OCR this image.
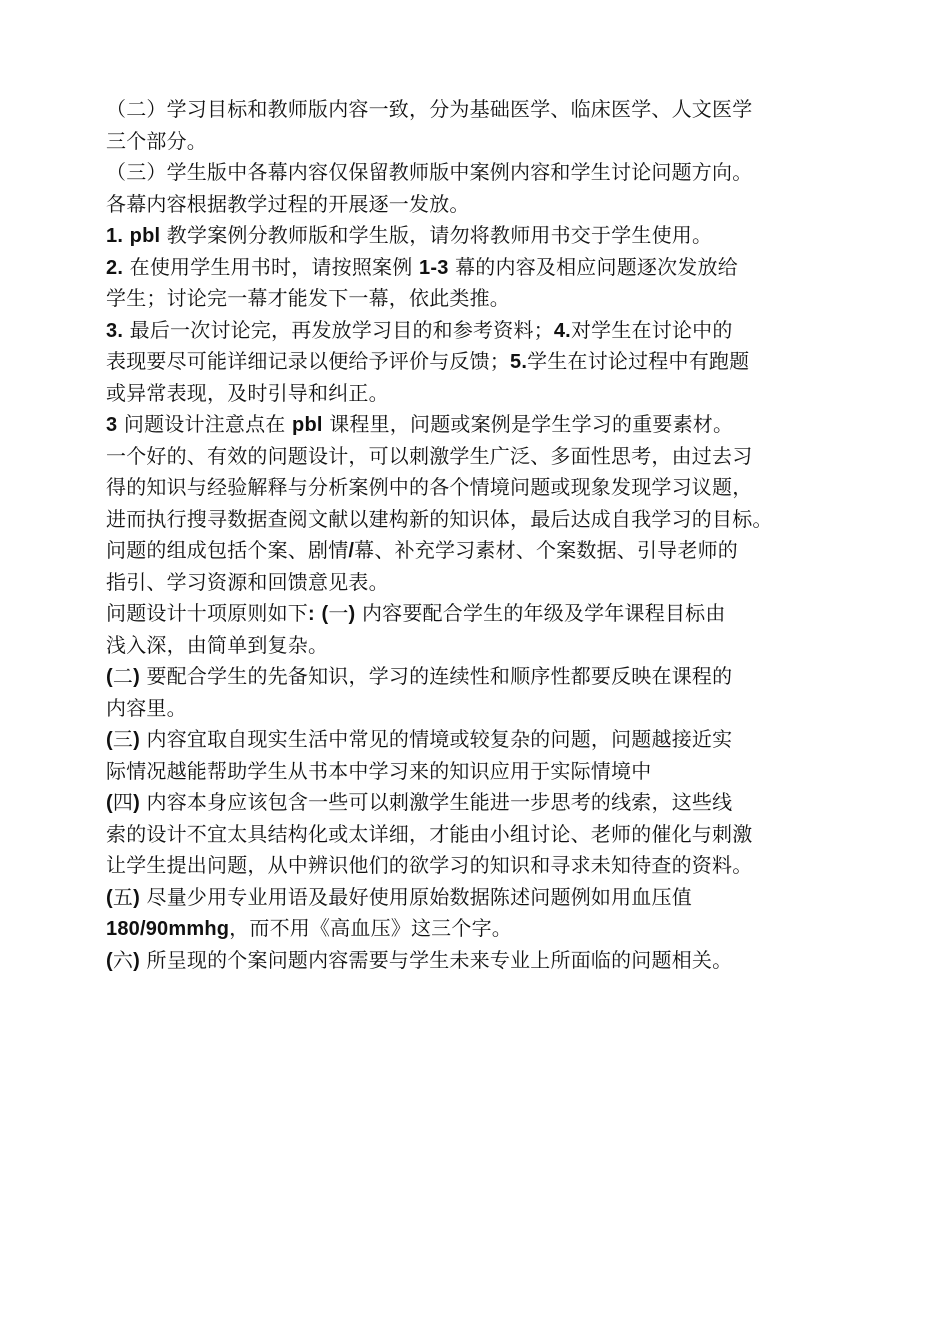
（二）学习目标和教师版内容一致，分为基础医学、临床医学、人文医学
三个部分。
（三）学生版中各幕内容仅保留教师版中案例内容和学生讨论问题方向。
各幕内容根据教学过程的开展逐一发放。
1. pbl 教学案例分教师版和学生版，请勿将教师用书交于学生使用。
2. 在使用学生用书时，请按照案例 1-3 幕的内容及相应问题逐次发放给
学生；讨论完一幕才能发下一幕，依此类推。
3. 最后一次讨论完，再发放学习目的和参考资料；4.对学生在讨论中的
表现要尽可能详细记录以便给予评价与反馈；5.学生在讨论过程中有跑题
或异常表现，及时引导和纠正。
3 问题设计注意点在 pbl 课程里，问题或案例是学生学习的重要素材。
一个好的、有效的问题设计，可以刺激学生广泛、多面性思考，由过去习
得的知识与经验解释与分析案例中的各个情境问题或现象发现学习议题，
进而执行搜寻数据查阅文献以建构新的知识体，最后达成自我学习的目标。
问题的组成包括个案、剧情/幕、补充学习素材、个案数据、引导老师的
指引、学习资源和回馈意见表。
问题设计十项原则如下: (一) 内容要配合学生的年级及学年课程目标由
浅入深，由简单到复杂。
(二) 要配合学生的先备知识，学习的连续性和顺序性都要反映在课程的
内容里。
(三) 内容宜取自现实生活中常见的情境或较复杂的问题，问题越接近实
际情况越能帮助学生从书本中学习来的知识应用于实际情境中
(四) 内容本身应该包含一些可以刺激学生能进一步思考的线索，这些线
索的设计不宜太具结构化或太详细，才能由小组讨论、老师的催化与刺激
让学生提出问题，从中辨识他们的欲学习的知识和寻求未知待查的资料。
(五) 尽量少用专业用语及最好使用原始数据陈述问题例如用血压值
180/90mmhg，而不用《高血压》这三个字。
(六) 所呈现的个案问题内容需要与学生未来专业上所面临的问题相关。
